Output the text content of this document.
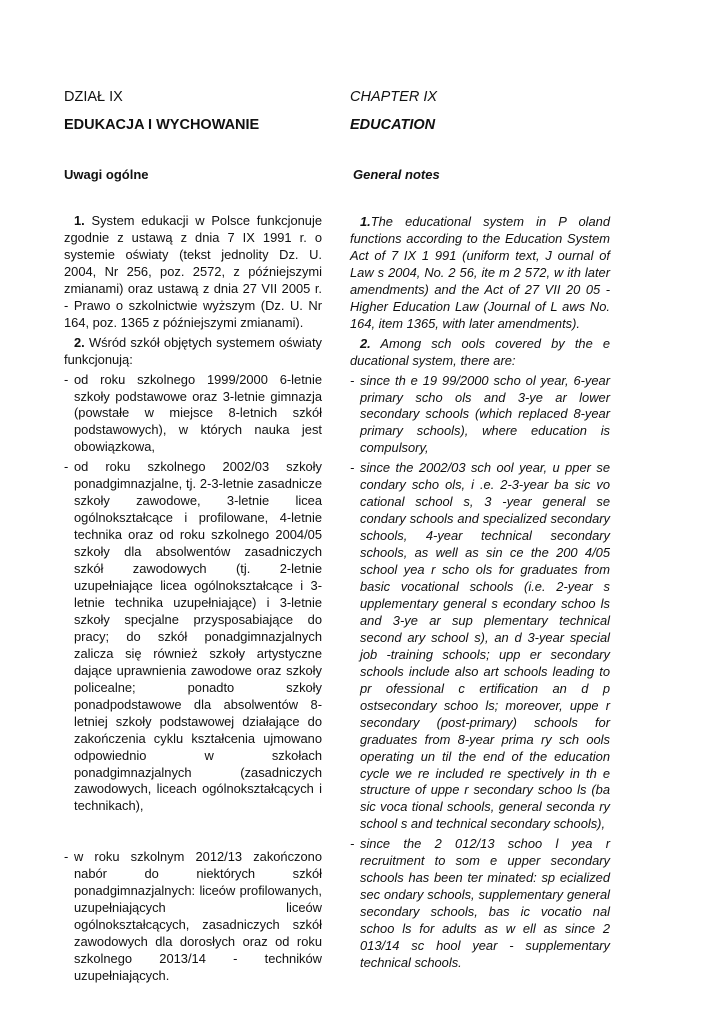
DZIAŁ IX
EDUKACJA I WYCHOWANIE
Uwagi ogólne

1. System edukacji w Polsce funkcjonuje zgodnie z ustawą z dnia 7 IX 1991 r. o systemie oświaty (tekst jednolity Dz. U. 2004, Nr 256, poz. 2572, z późniejszymi zmianami) oraz ustawą z dnia 27 VII 2005 r. - Prawo o szkolnictwie wyższym (Dz. U. Nr 164, poz. 1365 z późniejszymi zmianami).

2. Wśród szkół objętych systemem oświaty funkcjonują:

- od roku szkolnego 1999/2000 6-letnie szkoły podstawowe oraz 3-letnie gimnazja (powstałe w miejsce 8-letnich szkół podstawowych), w których nauka jest obowiązkowa,
- od roku szkolnego 2002/03 szkoły ponadgimnazjalne, tj. 2-3-letnie zasadnicze szkoły zawodowe, 3-letnie licea ogólnokształcące i profilowane, 4-letnie technika oraz od roku szkolnego 2004/05 szkoły dla absolwentów zasadniczych szkół zawodowych (tj. 2-letnie uzupełniające licea ogólnokształcące i 3-letnie technika uzupełniające) i 3-letnie szkoły specjalne przysposabiające do pracy; do szkół ponadgimnazjalnych zalicza się również szkoły artystyczne dające uprawnienia zawodowe oraz szkoły policealne; ponadto szkoły ponadpodstawowe dla absolwentów 8-letniej szkoły podstawowej działające do zakończenia cyklu kształcenia ujmowano odpowiednio w szkołach ponadgimnazjalnych (zasadniczych zawodowych, liceach ogólnokształcących i technikach),
- w roku szkolnym 2012/13 zakończono nabór do niektórych szkół ponadgimnazjalnych: liceów profilowanych, uzupełniających liceów ogólnokształcących, zasadniczych szkół zawodowych dla dorosłych oraz od roku szkolnego 2013/14 - techników uzupełniających.
CHAPTER IX
EDUCATION
General notes

1.The educational system in P oland functions according to the Education System Act of 7 IX 1 991 (uniform text, J ournal of Law s 2004, No. 2 56, ite m 2 572, w ith later amendments) and the Act of 27 VII 20 05 - Higher Education Law (Journal of L aws No. 164, item 1365, with later amendments).

2. Among sch ools covered by the e ducational system, there are:

- since th e 19 99/2000 scho ol year, 6-year primary scho ols and 3-ye ar lower secondary schools (which replaced 8-year primary schools), where education is compulsory,
- since the 2002/03 sch ool year, u pper se condary scho ols, i .e. 2-3-year ba sic vo cational school s, 3 -year general se condary schools and specialized secondary schools, 4-year technical secondary schools, as well as sin ce the 200 4/05 school yea r scho ols for graduates from basic vocational schools (i.e. 2-year s upplementary general s econdary schoo ls and 3-ye ar sup plementary technical second ary school s), an d 3-year special job -training schools; upp er secondary schools include also art schools leading to pr ofessional c ertification an d p ostsecondary schoo ls; moreover, uppe r secondary (post-primary) schools for graduates from 8-year prima ry sch ools operating un til the end of the education cycle we re included re spectively in th e structure of uppe r secondary schoo ls (ba sic voca tional schools, general seconda ry school s and technical secondary schools),
- since the 2 012/13 schoo l yea r recruitment to som e upper secondary schools has been ter minated: sp ecialized sec ondary schools, supplementary general secondary schools, bas ic vocatio nal schoo ls for adults as w ell as since 2 013/14 sc hool year - supplementary technical schools.
